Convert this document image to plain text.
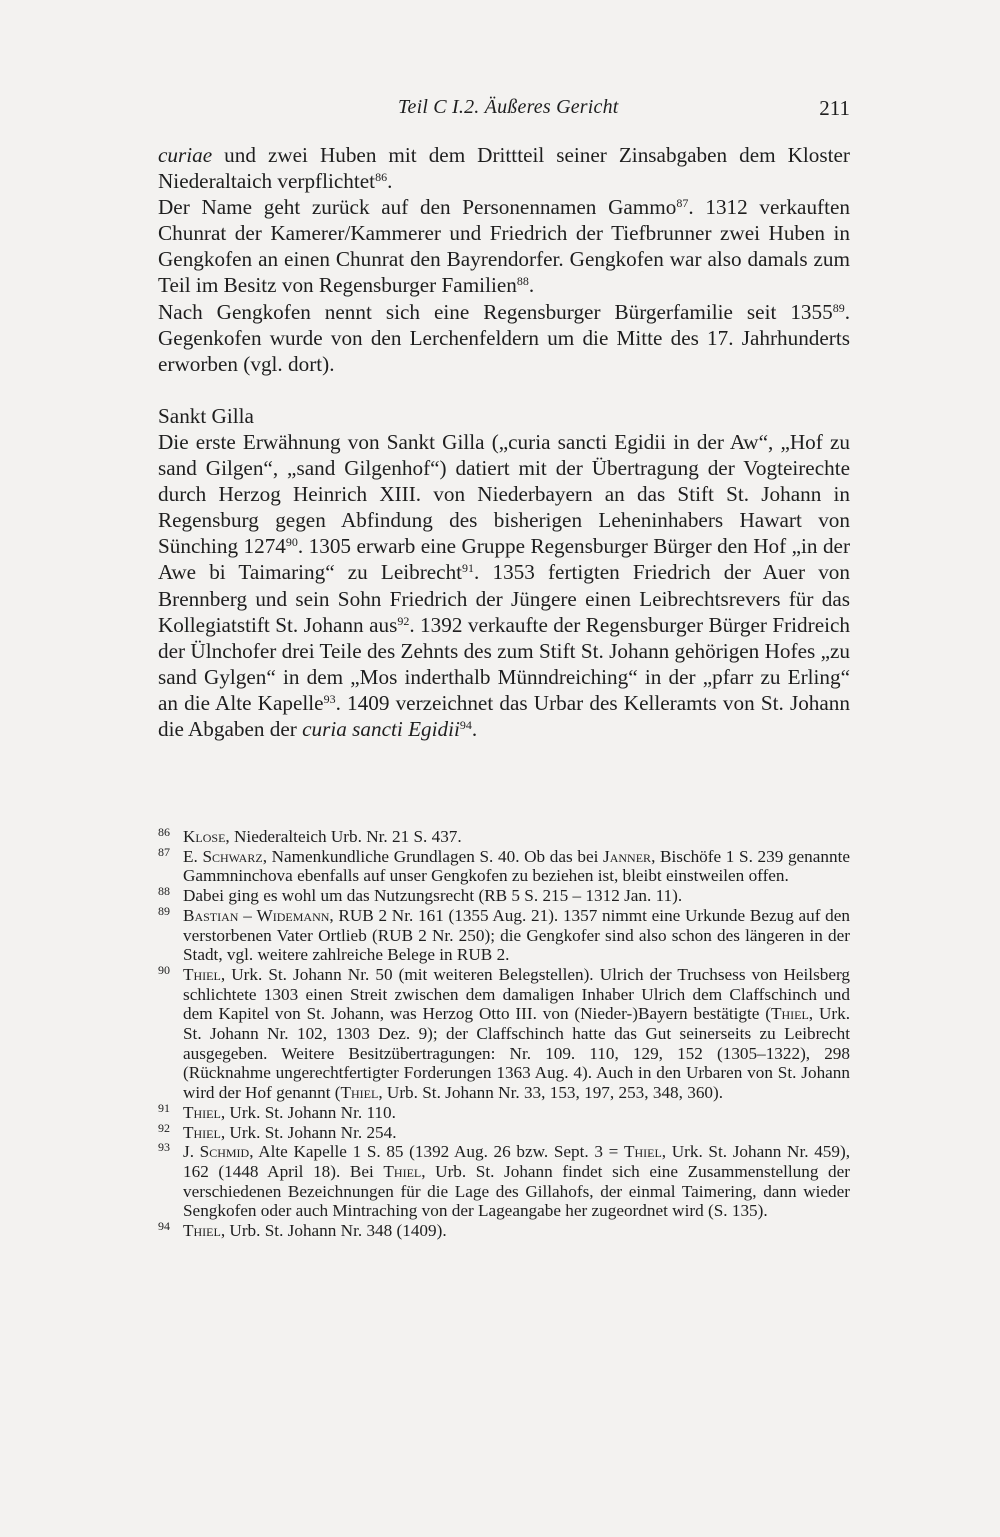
Teil C I.2. Äußeres Gericht	211

curiae und zwei Huben mit dem Drittteil seiner Zinsabgaben dem Kloster Niederaltaich verpflichtet$^{86}$.

Der Name geht zurück auf den Personennamen Gammo$^{87}$. 1312 verkauften Chunrat der Kamerer/Kammerer und Friedrich der Tiefbrunner zwei Huben in Gengkofen an einen Chunrat den Bayrendorfer. Gengkofen war also damals zum Teil im Besitz von Regensburger Familien$^{88}$.

Nach Gengkofen nennt sich eine Regensburger Bürgerfamilie seit 1355$^{89}$. Gegenkofen wurde von den Lerchenfeldern um die Mitte des 17. Jahrhunderts erworben (vgl. dort).

Sankt Gilla

Die erste Erwähnung von Sankt Gilla („curia sancti Egidii in der Aw“, „Hof zu sand Gilgen“, „sand Gilgenhof“) datiert mit der Übertragung der Vogteirechte durch Herzog Heinrich XIII. von Niederbayern an das Stift St. Johann in Regensburg gegen Abfindung des bisherigen Leheninhabers Hawart von Sünching 1274$^{90}$. 1305 erwarb eine Gruppe Regensburger Bürger den Hof „in der Awe bi Taimaring“ zu Leibrecht$^{91}$. 1353 fertigten Friedrich der Auer von Brennberg und sein Sohn Friedrich der Jüngere einen Leibrechtsrevers für das Kollegiatstift St. Johann aus$^{92}$. 1392 verkaufte der Regensburger Bürger Fridreich der Ülnchofer drei Teile des Zehnts des zum Stift St. Johann gehörigen Hofes „zu sand Gylgen“ in dem „Mos inderthalb Münndreiching“ in der „pfarr zu Erling“ an die Alte Kapelle$^{93}$. 1409 verzeichnet das Urbar des Kelleramts von St. Johann die Abgaben der curia sancti Egidii$^{94}$.

86 Klose, Niederalteich Urb. Nr. 21 S. 437.
87 E. Schwarz, Namenkundliche Grundlagen S. 40. Ob das bei Janner, Bischöfe 1 S. 239 genannte Gammninchova ebenfalls auf unser Gengkofen zu beziehen ist, bleibt einstweilen offen.
88 Dabei ging es wohl um das Nutzungsrecht (RB 5 S. 215 – 1312 Jan. 11).
89 Bastian – Widemann, RUB 2 Nr. 161 (1355 Aug. 21). 1357 nimmt eine Urkunde Bezug auf den verstorbenen Vater Ortlieb (RUB 2 Nr. 250); die Gengkofer sind also schon des längeren in der Stadt, vgl. weitere zahlreiche Belege in RUB 2.
90 Thiel, Urk. St. Johann Nr. 50 (mit weiteren Belegstellen). Ulrich der Truchsess von Heilsberg schlichtete 1303 einen Streit zwischen dem damaligen Inhaber Ulrich dem Claffschinch und dem Kapitel von St. Johann, was Herzog Otto III. von (Nieder-)Bayern bestätigte (Thiel, Urk. St. Johann Nr. 102, 1303 Dez. 9); der Claffschinch hatte das Gut seinerseits zu Leibrecht ausgegeben. Weitere Besitzübertragungen: Nr. 109. 110, 129, 152 (1305–1322), 298 (Rücknahme ungerechtfertigter Forderungen 1363 Aug. 4). Auch in den Urbaren von St. Johann wird der Hof genannt (Thiel, Urb. St. Johann Nr. 33, 153, 197, 253, 348, 360).
91 Thiel, Urk. St. Johann Nr. 110.
92 Thiel, Urk. St. Johann Nr. 254.
93 J. Schmid, Alte Kapelle 1 S. 85 (1392 Aug. 26 bzw. Sept. 3 = Thiel, Urk. St. Johann Nr. 459), 162 (1448 April 18). Bei Thiel, Urb. St. Johann findet sich eine Zusammenstellung der verschiedenen Bezeichnungen für die Lage des Gillahofs, der einmal Taimering, dann wieder Sengkofen oder auch Mintraching von der Lageangabe her zugeordnet wird (S. 135).
94 Thiel, Urb. St. Johann Nr. 348 (1409).
